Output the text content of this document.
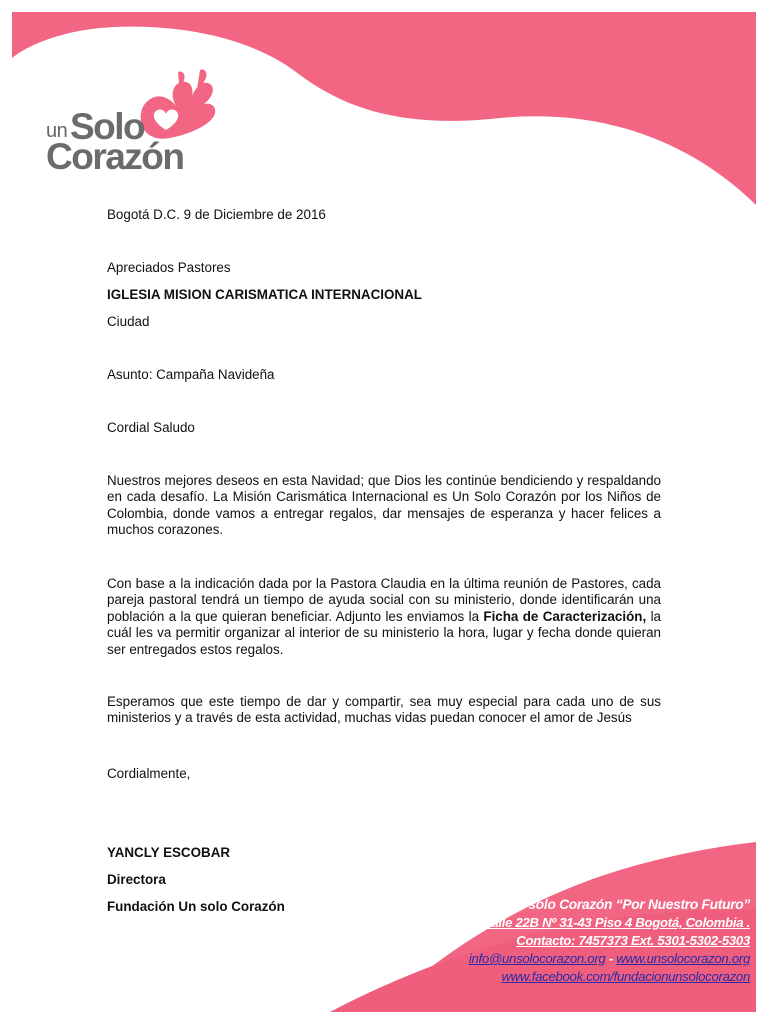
un Solo
Corazón
Bogotá D.C. 9 de Diciembre de 2016
Apreciados Pastores
IGLESIA MISION CARISMATICA INTERNACIONAL
Ciudad
Asunto: Campaña Navideña
Cordial Saludo
Nuestros mejores deseos en esta Navidad; que Dios les continúe bendiciendo y respaldando en cada desafío. La Misión Carismática Internacional es Un Solo Corazón por los Niños de Colombia, donde vamos a entregar regalos, dar mensajes de esperanza y hacer felices a muchos corazones.
Con base a la indicación dada por la Pastora Claudia en la última reunión de Pastores, cada pareja pastoral tendrá un tiempo de ayuda social con su ministerio, donde identificarán una población a la que quieran beneficiar. Adjunto les enviamos la Ficha de Caracterización, la cuál les va permitir organizar al interior de su ministerio la hora, lugar y fecha donde quieran ser entregados estos regalos.
Esperamos que este tiempo de dar y compartir, sea muy especial para cada uno de sus ministerios y a través de esta actividad, muchas vidas puedan conocer el amor de Jesús
Cordialmente,
YANCLY ESCOBAR
Directora
Fundación Un solo Corazón	Fundación Un solo Corazón “Por Nuestro Futuro”
Calle 22B Nº 31-43 Piso 4 Bogotá, Colombia .
Contacto: 7457373 Ext. 5301-5302-5303
info@unsolocorazon.org - www.unsolocorazon.org
www.facebook.com/fundacionunsolocorazon
